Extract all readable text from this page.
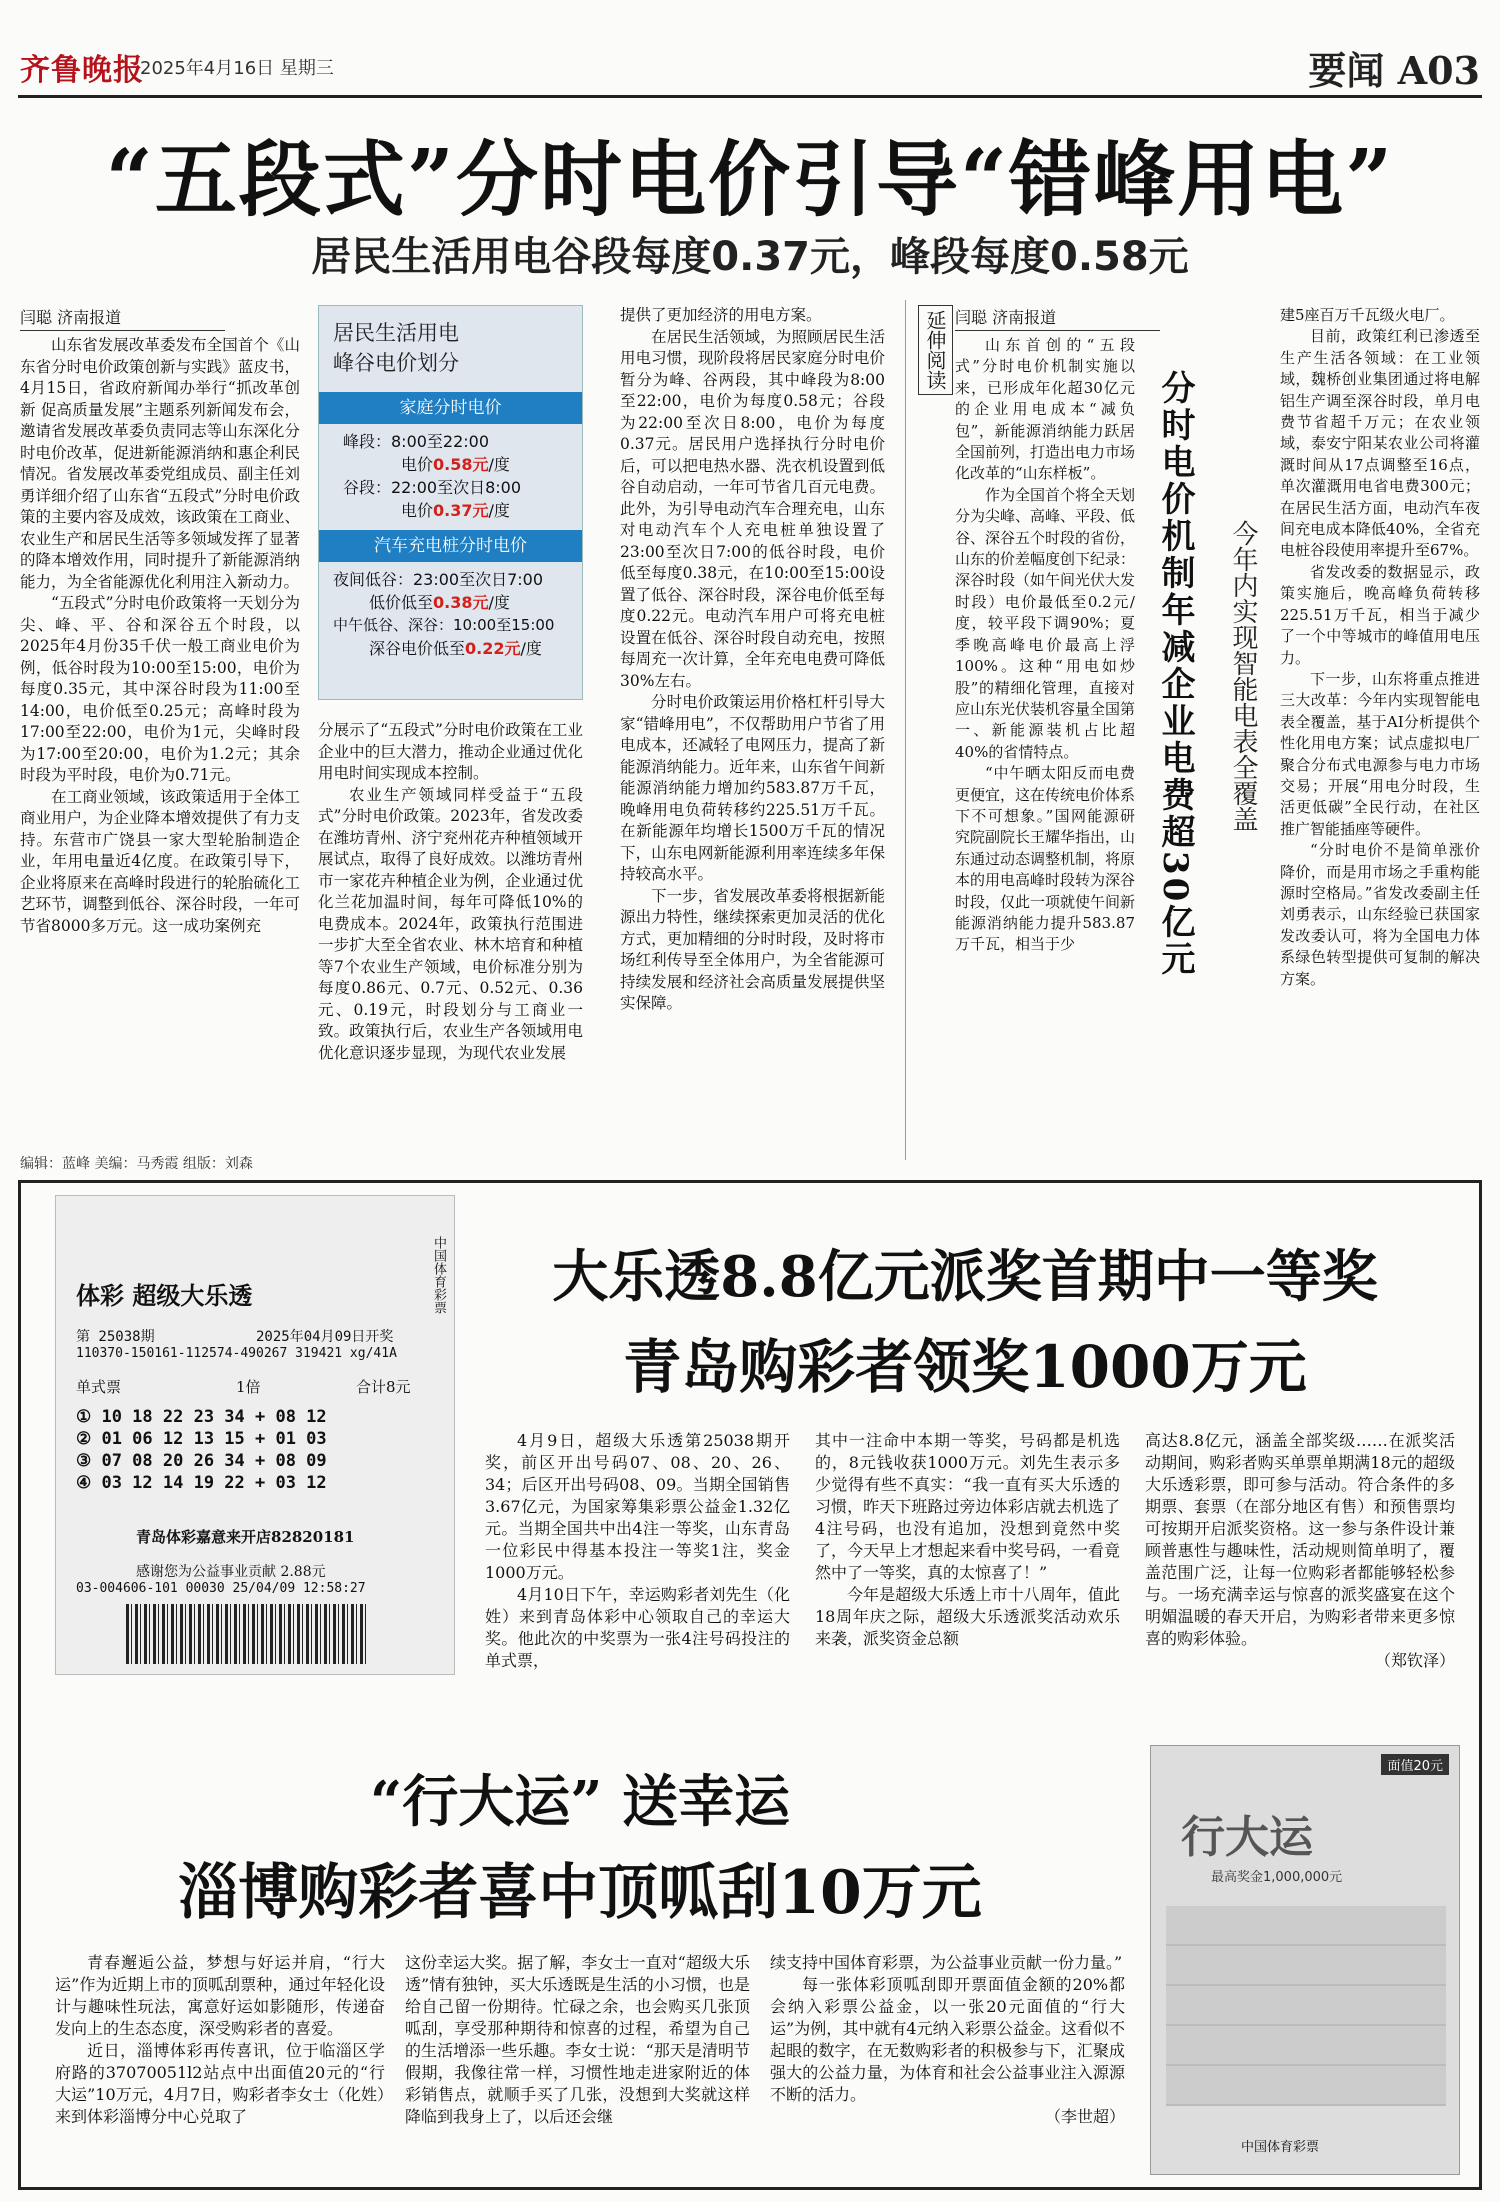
齐鲁晚报
2025年4月16日 星期三	要闻 A03
“五段式”分时电价引导“错峰用电”
居民生活用电谷段每度0.37元，峰段每度0.58元
闫聪 济南报道

山东省发展改革委发布全国首个《山东省分时电价政策创新与实践》蓝皮书，4月15日，省政府新闻办举行“抓改革创新 促高质量发展”主题系列新闻发布会，邀请省发展改革委负责同志等山东深化分时电价改革，促进新能源消纳和惠企利民情况。省发展改革委党组成员、副主任刘勇详细介绍了山东省“五段式”分时电价政策的主要内容及成效，该政策在工商业、农业生产和居民生活等多领域发挥了显著的降本增效作用，同时提升了新能源消纳能力，为全省能源优化利用注入新动力。

“五段式”分时电价政策将一天划分为尖、峰、平、谷和深谷五个时段，以2025年4月份35千伏一般工商业电价为例，低谷时段为10:00至15:00，电价为每度0.35元，其中深谷时段为11:00至14:00，电价低至0.25元；高峰时段为17:00至22:00，电价为1元，尖峰时段为17:00至20:00，电价为1.2元；其余时段为平时段，电价为0.71元。

在工商业领域，该政策适用于全体工商业用户，为企业降本增效提供了有力支持。东营市广饶县一家大型轮胎制造企业，年用电量近4亿度。在政策引导下，企业将原来在高峰时段进行的轮胎硫化工艺环节，调整到低谷、深谷时段，一年可节省8000多万元。这一成功案例充

居民生活用电
峰谷电价划分
家庭分时电价
峰段：8:00至22:00
电价0.58元/度
谷段：22:00至次日8:00
电价0.37元/度
汽车充电桩分时电价
夜间低谷：23:00至次日7:00
低价低至0.38元/度
中午低谷、深谷：10:00至15:00
深谷电价低至0.22元/度

分展示了“五段式”分时电价政策在工业企业中的巨大潜力，推动企业通过优化用电时间实现成本控制。

农业生产领域同样受益于“五段式”分时电价政策。2023年，省发改委在潍坊青州、济宁兖州花卉种植领域开展试点，取得了良好成效。以潍坊青州市一家花卉种植企业为例，企业通过优化兰花加温时间，每年可降低10%的电费成本。2024年，政策执行范围进一步扩大至全省农业、林木培育和种植等7个农业生产领域，电价标准分别为每度0.86元、0.7元、0.52元、0.36元、0.19元，时段划分与工商业一致。政策执行后，农业生产各领域用电优化意识逐步显现，为现代农业发展

提供了更加经济的用电方案。

在居民生活领域，为照顾居民生活用电习惯，现阶段将居民家庭分时电价暂分为峰、谷两段，其中峰段为8:00至22:00，电价为每度0.58元；谷段为22:00至次日8:00，电价为每度0.37元。居民用户选择执行分时电价后，可以把电热水器、洗衣机设置到低谷自动启动，一年可节省几百元电费。此外，为引导电动汽车合理充电，山东对电动汽车个人充电桩单独设置了23:00至次日7:00的低谷时段，电价低至每度0.38元，在10:00至15:00设置了低谷、深谷时段，深谷电价低至每度0.22元。电动汽车用户可将充电桩设置在低谷、深谷时段自动充电，按照每周充一次计算，全年充电电费可降低30%左右。

分时电价政策运用价格杠杆引导大家“错峰用电”，不仅帮助用户节省了用电成本，还减轻了电网压力，提高了新能源消纳能力。近年来，山东省午间新能源消纳能力增加约583.87万千瓦，晚峰用电负荷转移约225.51万千瓦。在新能源年均增长1500万千瓦的情况下，山东电网新能源利用率连续多年保持较高水平。

下一步，省发展改革委将根据新能源出力特性，继续探索更加灵活的优化方式，更加精细的分时时段，及时将市场红利传导至全体用户，为全省能源可持续发展和经济社会高质量发展提供坚实保障。

延伸阅读 闫聪 济南报道

山东首创的“五段式”分时电价机制实施以来，已形成年化超30亿元的企业用电成本“减负包”，新能源消纳能力跃居全国前列，打造出电力市场化改革的“山东样板”。

作为全国首个将全天划分为尖峰、高峰、平段、低谷、深谷五个时段的省份，山东的价差幅度创下纪录：深谷时段（如午间光伏大发时段）电价最低至0.2元/度，较平段下调90%；夏季晚高峰电价最高上浮100%。这种“用电如炒股”的精细化管理，直接对应山东光伏装机容量全国第一、新能源装机占比超40%的省情特点。

“中午晒太阳反而电费更便宜，这在传统电价体系下不可想象。”国网能源研究院副院长王耀华指出，山东通过动态调整机制，将原本的用电高峰时段转为深谷时段，仅此一项就使午间新能源消纳能力提升583.87万千瓦，相当于少	分时电价机制年减企业电费超30亿元 今年内实现智能电表全覆盖

建5座百万千瓦级火电厂。

目前，政策红利已渗透至生产生活各领域：在工业领域，魏桥创业集团通过将电解铝生产调至深谷时段，单月电费节省超千万元；在农业领域，泰安宁阳某农业公司将灌溉时间从17点调整至16点，单次灌溉用电省电费300元；在居民生活方面，电动汽车夜间充电成本降低40%，全省充电桩谷段使用率提升至67%。

省发改委的数据显示，政策实施后，晚高峰负荷转移225.51万千瓦，相当于减少了一个中等城市的峰值用电压力。

下一步，山东将重点推进三大改革：今年内实现智能电表全覆盖，基于AI分析提供个性化用电方案；试点虚拟电厂聚合分布式电源参与电力市场交易；开展“用电分时段，生活更低碳”全民行动，在社区推广智能插座等硬件。

“分时电价不是简单涨价降价，而是用市场之手重构能源时空格局。”省发改委副主任刘勇表示，山东经验已获国家发改委认可，将为全国电力体系绿色转型提供可复制的解决方案。

编辑：蓝峰 美编：马秀霞 组版：刘森
体彩 超级大乐透
第 25038期	2025年04月09日开奖
110370-150161-112574-490267 319421 xg/41A
单式票	1倍	合计8元
① 10 18 22 23 34 + 08 12
② 01 06 12 13 15 + 01 03
③ 07 08 20 26 34 + 08 09
④ 03 12 14 19 22 + 03 12
青岛体彩嘉意来开店82820181
感谢您为公益事业贡献 2.88元
03-004606-101 00030 25/04/09 12:58:27
中国体育彩票	大乐透8.8亿元派奖首期中一等奖
青岛购彩者领奖1000万元

4月9日，超级大乐透第25038期开奖，前区开出号码07、08、20、26、34；后区开出号码08、09。当期全国销售3.67亿元，为国家筹集彩票公益金1.32亿元。当期全国共中出4注一等奖，山东青岛一位彩民中得基本投注一等奖1注，奖金1000万元。

4月10日下午，幸运购彩者刘先生（化姓）来到青岛体彩中心领取自己的幸运大奖。他此次的中奖票为一张4注号码投注的单式票，

其中一注命中本期一等奖，号码都是机选的，8元钱收获1000万元。刘先生表示多少觉得有些不真实：“我一直有买大乐透的习惯，昨天下班路过旁边体彩店就去机选了4注号码，也没有追加，没想到竟然中奖了，今天早上才想起来看中奖号码，一看竟然中了一等奖，真的太惊喜了！”

今年是超级大乐透上市十八周年，值此18周年庆之际，超级大乐透派奖活动欢乐来袭，派奖资金总额

高达8.8亿元，涵盖全部奖级……在派奖活动期间，购彩者购买单票单期满18元的超级大乐透彩票，即可参与活动。符合条件的多期票、套票（在部分地区有售）和预售票均可按期开启派奖资格。这一参与条件设计兼顾普惠性与趣味性，活动规则简单明了，覆盖范围广泛，让每一位购彩者都能够轻松参与。一场充满幸运与惊喜的派奖盛宴在这个明媚温暖的春天开启，为购彩者带来更多惊喜的购彩体验。

（郑钦泽）
“行大运” 送幸运
淄博购彩者喜中顶呱刮10万元

青春邂逅公益，梦想与好运并肩，“行大运”作为近期上市的顶呱刮票种，通过年轻化设计与趣味性玩法，寓意好运如影随形，传递奋发向上的生态态度，深受购彩者的喜爱。

近日，淄博体彩再传喜讯，位于临淄区学府路的37070051l2站点中出面值20元的“行大运”10万元，4月7日，购彩者李女士（化姓）来到体彩淄博分中心兑取了

这份幸运大奖。据了解，李女士一直对“超级大乐透”情有独钟，买大乐透既是生活的小习惯，也是给自己留一份期待。忙碌之余，也会购买几张顶呱刮，享受那种期待和惊喜的过程，希望为自己的生活增添一些乐趣。李女士说：“那天是清明节假期，我像往常一样，习惯性地走进家附近的体彩销售点，就顺手买了几张，没想到大奖就这样降临到我身上了，以后还会继

续支持中国体育彩票，为公益事业贡献一份力量。”

每一张体彩顶呱刮即开票面值金额的20%都会纳入彩票公益金，以一张20元面值的“行大运”为例，其中就有4元纳入彩票公益金。这看似不起眼的数字，在无数购彩者的积极参与下，汇聚成强大的公益力量，为体育和社会公益事业注入源源不断的活力。

（李世超）
面值20元
行大运
最高奖金1,000,000元
中国体育彩票
